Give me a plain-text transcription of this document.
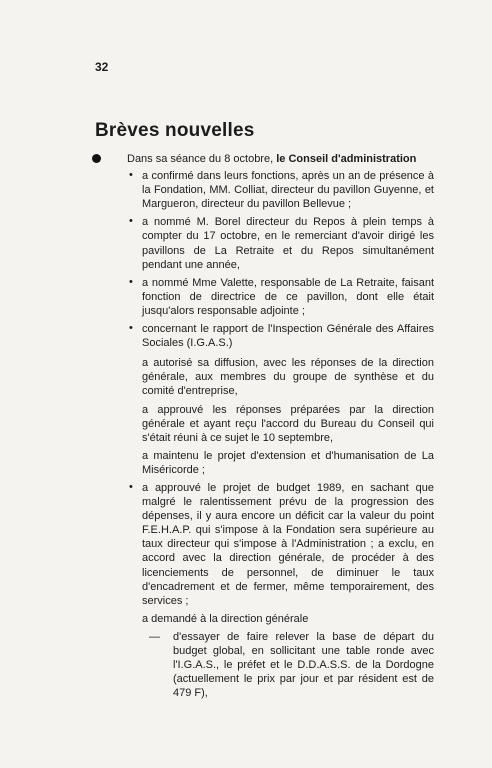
32
Brèves nouvelles

Dans sa séance du 8 octobre, le Conseil d'administration

• a confirmé dans leurs fonctions, après un an de présence à la Fondation, MM. Colliat, directeur du pavillon Guyenne, et Margueron, directeur du pavillon Bellevue ;

• a nommé M. Borel directeur du Repos à plein temps à compter du 17 octobre, en le remerciant d'avoir dirigé les pavillons de La Retraite et du Repos simultanément pendant une année,

• a nommé Mme Valette, responsable de La Retraite, faisant fonction de directrice de ce pavillon, dont elle était jusqu'alors responsable adjointe ;

• concernant le rapport de l'Inspection Générale des Affaires Sociales (I.G.A.S.)

a autorisé sa diffusion, avec les réponses de la direction générale, aux membres du groupe de synthèse et du comité d'entreprise,

a approuvé les réponses préparées par la direction générale et ayant reçu l'accord du Bureau du Conseil qui s'était réuni à ce sujet le 10 septembre,

a maintenu le projet d'extension et d'humanisation de La Miséricorde ;

• a approuvé le projet de budget 1989, en sachant que malgré le ralentissement prévu de la progression des dépenses, il y aura encore un déficit car la valeur du point F.E.H.A.P. qui s'impose à la Fondation sera supérieure au taux directeur qui s'impose à l'Administration ; a exclu, en accord avec la direction générale, de procéder à des licenciements de personnel, de diminuer le taux d'encadrement et de fermer, même temporairement, des services ;

a demandé à la direction générale

— d'essayer de faire relever la base de départ du budget global, en sollicitant une table ronde avec l'I.G.A.S., le préfet et le D.D.A.S.S. de la Dordogne (actuellement le prix par jour et par résident est de 479 F),
